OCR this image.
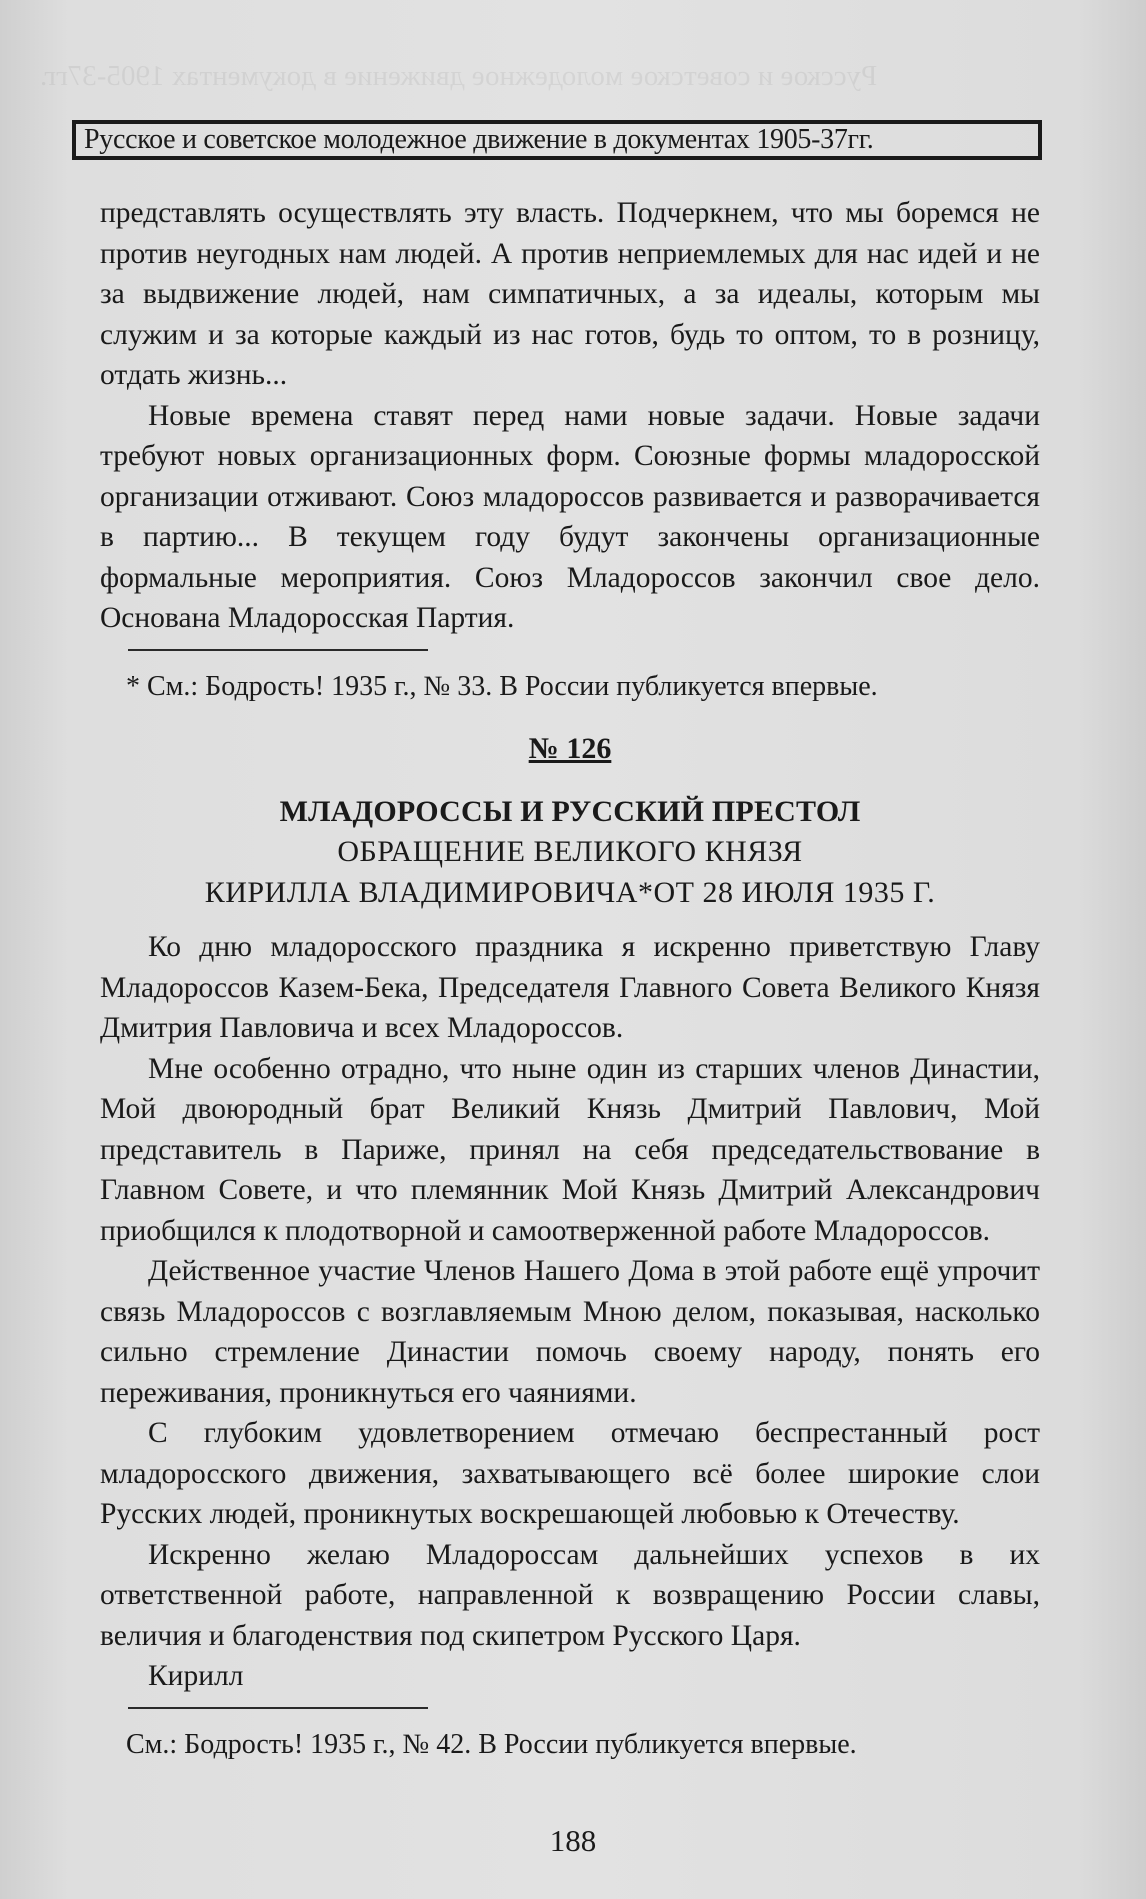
Русское и советское молодежное движение в документах 1905-37гг.
Русское и советское молодежное движение в документах 1905-37гг.

представлять осуществлять эту власть. Подчеркнем, что мы боремся не против неугодных нам людей. А против неприемлемых для нас идей и не за выдвижение людей, нам симпатичных, а за идеалы, которым мы служим и за которые каждый из нас готов, будь то оптом, то в розницу, отдать жизнь...

Новые времена ставят перед нами новые задачи. Новые задачи требуют новых организационных форм. Союзные формы младоросской организации отживают. Союз младороссов развивается и разворачивается в партию... В текущем году будут закончены организационные формальные мероприятия. Союз Младороссов закончил свое дело. Основана Младоросская Партия.

* См.: Бодрость! 1935 г., № 33. В России публикуется впервые.

№ 126

МЛАДОРОССЫ И РУССКИЙ ПРЕСТОЛ

ОБРАЩЕНИЕ ВЕЛИКОГО КНЯЗЯ

КИРИЛЛА ВЛАДИМИРОВИЧА*ОТ 28 ИЮЛЯ 1935 Г.

Ко дню младоросского праздника я искренно приветствую Главу Младороссов Казем-Бека, Председателя Главного Совета Великого Князя Дмитрия Павловича и всех Младороссов.

Мне особенно отрадно, что ныне один из старших членов Династии, Мой двоюродный брат Великий Князь Дмитрий Павлович, Мой представитель в Париже, принял на себя председательствование в Главном Совете, и что племянник Мой Князь Дмитрий Александрович приобщился к плодотворной и самоотверженной работе Младороссов.

Действенное участие Членов Нашего Дома в этой работе ещё упрочит связь Младороссов с возглавляемым Мною делом, показывая, насколько сильно стремление Династии помочь своему народу, понять его переживания, проникнуться его чаяниями.

С глубоким удовлетворением отмечаю беспрестанный рост младоросского движения, захватывающего всё более широкие слои Русских людей, проникнутых воскрешающей любовью к Отечеству.

Искренно желаю Младороссам дальнейших успехов в их ответственной работе, направленной к возвращению России славы, величия и благоденствия под скипетром Русского Царя.

Кирилл

См.: Бодрость! 1935 г., № 42. В России публикуется впервые.

188
